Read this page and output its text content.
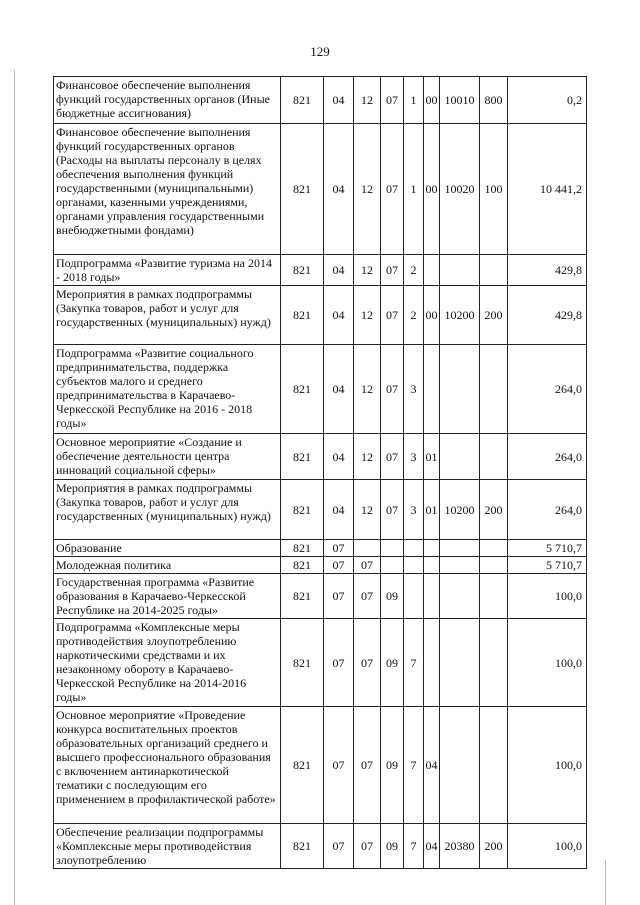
129
Финансовое обеспечение выполнения функций государственных органов (Иные бюджетные ассигнования)	821	04	12	07	1	00	10010	800	0,2
Финансовое обеспечение выполнения функций государственных органов (Расходы на выплаты персоналу в целях обеспечения выполнения функций государственными (муниципальными) органами, казенными учреждениями, органами управления государственными внебюджетными фондами)	821	04	12	07	1	00	10020	100	10 441,2
Подпрограмма «Развитие туризма на 2014 - 2018 годы»	821	04	12	07	2				429,8
Мероприятия в рамках подпрограммы (Закупка товаров, работ и услуг для государственных (муниципальных) нужд)	821	04	12	07	2	00	10200	200	429,8
Подпрограмма «Развитие социального предпринимательства, поддержка субъектов малого и среднего предпринимательства в Карачаево-Черкесской Республике на 2016 - 2018 годы»	821	04	12	07	3				264,0
Основное мероприятие «Создание и обеспечение деятельности центра инноваций социальной сферы»	821	04	12	07	3	01			264,0
Мероприятия в рамках подпрограммы (Закупка товаров, работ и услуг для государственных (муниципальных) нужд)	821	04	12	07	3	01	10200	200	264,0
Образование	821	07							5 710,7
Молодежная политика	821	07	07						5 710,7
Государственная программа «Развитие образования в Карачаево-Черкесской Республике на 2014-2025 годы»	821	07	07	09					100,0
Подпрограмма «Комплексные меры противодействия злоупотреблению наркотическими средствами и их незаконному обороту в Карачаево-Черкесской Республике на 2014-2016 годы»	821	07	07	09	7				100,0
Основное мероприятие «Проведение конкурса воспитательных проектов образовательных организаций среднего и высшего профессионального образования с включением антинаркотической тематики с последующим его применением в профилактической работе»	821	07	07	09	7	04			100,0
Обеспечение реализации подпрограммы «Комплексные меры противодействия злоупотреблению	821	07	07	09	7	04	20380	200	100,0
